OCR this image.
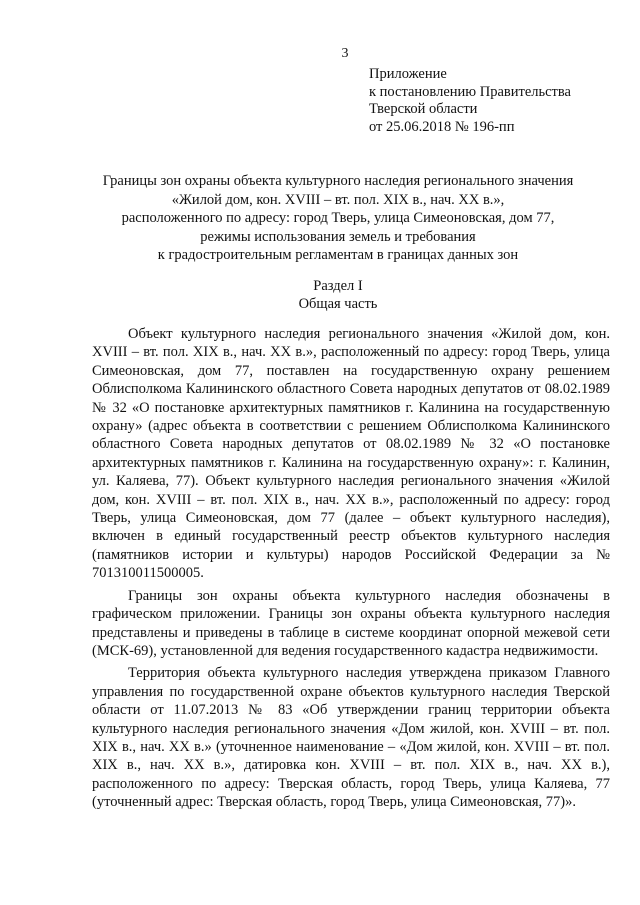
3
Приложение
к постановлению Правительства
Тверской области
от 25.06.2018 № 196-пп
Границы зон охраны объекта культурного наследия регионального значения
«Жилой дом, кон. XVIII – вт. пол. XIX в., нач. XX в.»,
расположенного по адресу: город Тверь, улица Симеоновская, дом 77,
режимы использования земель и требования
к градостроительным регламентам в границах данных зон
Раздел I
Общая часть

Объект культурного наследия регионального значения «Жилой дом, кон. XVIII – вт. пол. XIX в., нач. XX в.», расположенный по адресу: город Тверь, улица Симеоновская, дом 77, поставлен на государственную охрану решением Облисполкома Калининского областного Совета народных депутатов от 08.02.1989 № 32 «О постановке архитектурных памятников г. Калинина на государственную охрану» (адрес объекта в соответствии с решением Облисполкома Калининского областного Совета народных депутатов от 08.02.1989 № 32 «О постановке архитектурных памятников г. Калинина на государственную охрану»: г. Калинин, ул. Каляева, 77). Объект культурного наследия регионального значения «Жилой дом, кон. XVIII – вт. пол. XIX в., нач. XX в.», расположенный по адресу: город Тверь, улица Симеоновская, дом 77 (далее – объект культурного наследия), включен в единый государственный реестр объектов культурного наследия (памятников истории и культуры) народов Российской Федерации за № 701310011500005.

Границы зон охраны объекта культурного наследия обозначены в графическом приложении. Границы зон охраны объекта культурного наследия представлены и приведены в таблице в системе координат опорной межевой сети (МСК-69), установленной для ведения государственного кадастра недвижимости.

Территория объекта культурного наследия утверждена приказом Главного управления по государственной охране объектов культурного наследия Тверской области от 11.07.2013 № 83 «Об утверждении границ территории объекта культурного наследия регионального значения «Дом жилой, кон. XVIII – вт. пол. XIX в., нач. XX в.» (уточненное наименование – «Дом жилой, кон. XVIII – вт. пол. XIX в., нач. XX в.», датировка кон. XVIII – вт. пол. XIX в., нач. XX в.), расположенного по адресу: Тверская область, город Тверь, улица Каляева, 77 (уточненный адрес: Тверская область, город Тверь, улица Симеоновская, 77)».
